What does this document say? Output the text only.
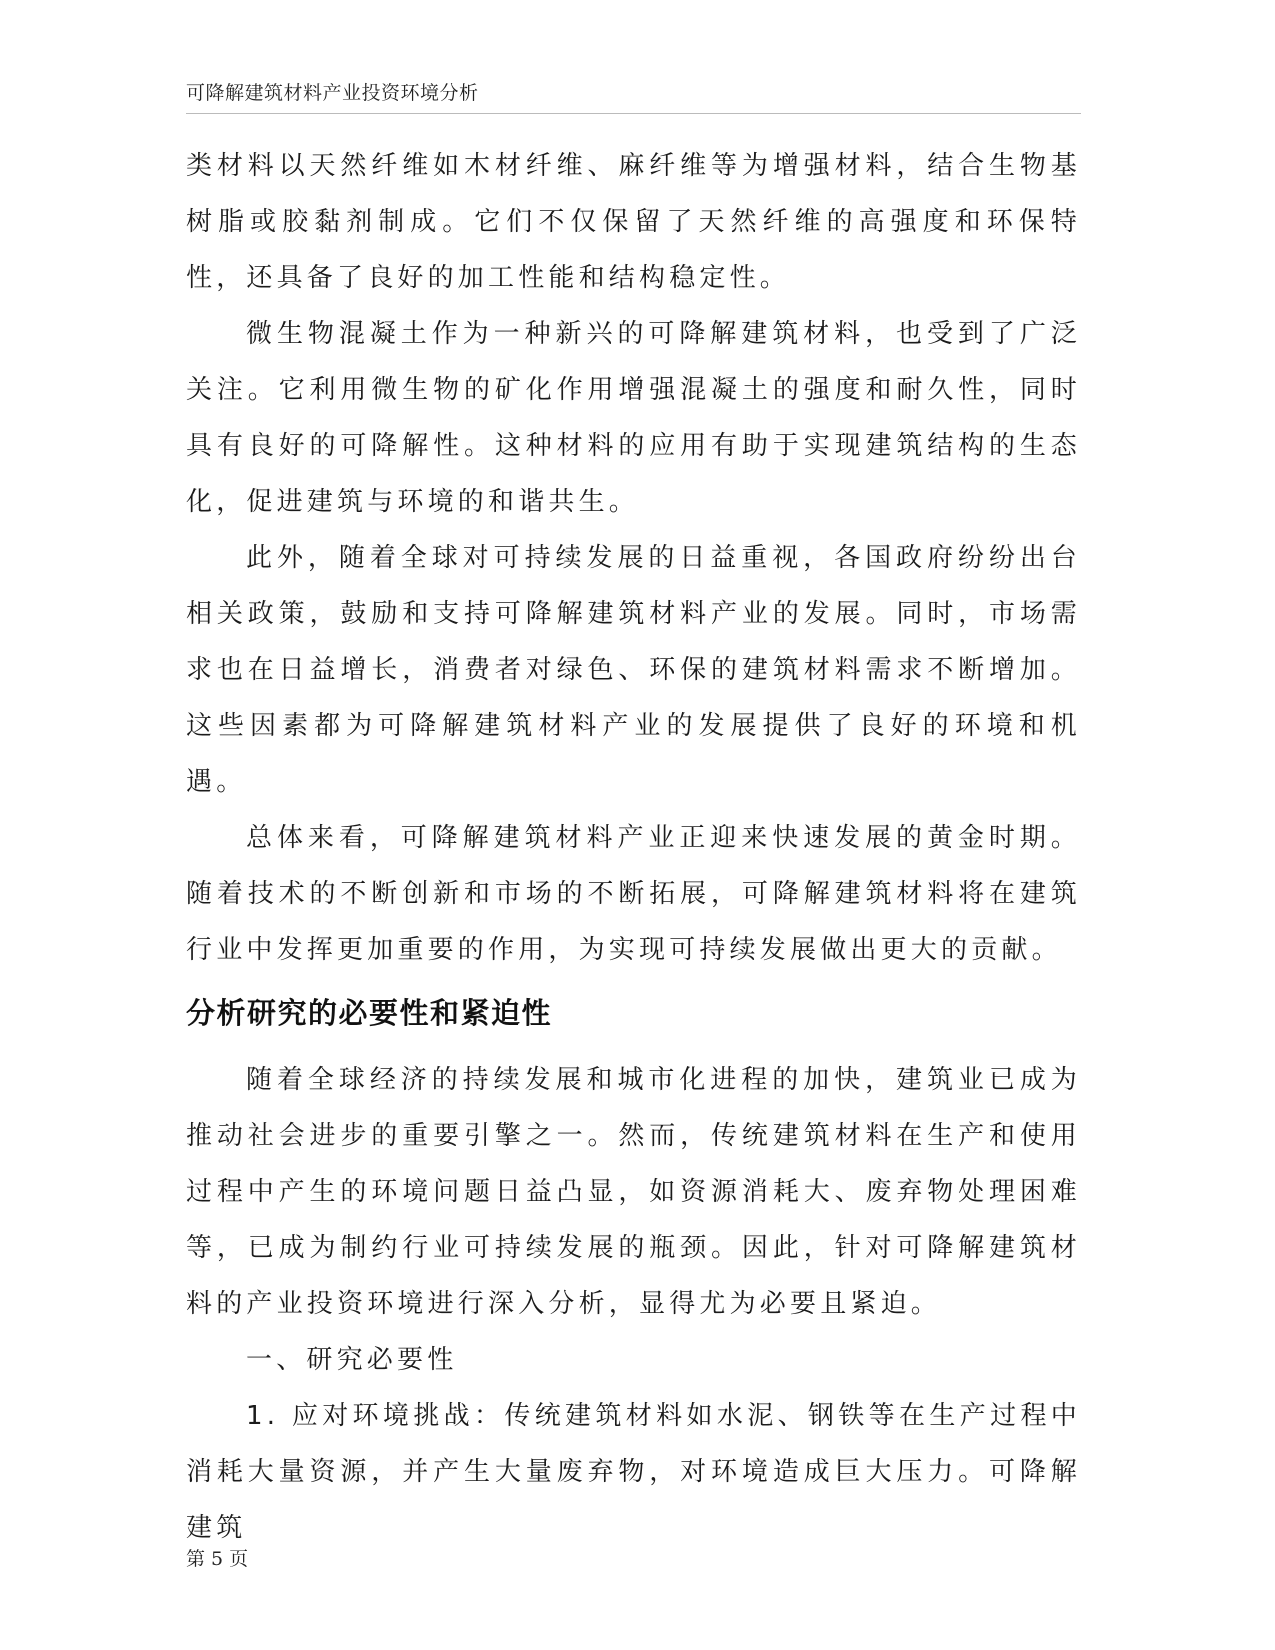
可降解建筑材料产业投资环境分析

类材料以天然纤维如木材纤维、麻纤维等为增强材料，结合生物基树脂或胶黏剂制成。它们不仅保留了天然纤维的高强度和环保特性，还具备了良好的加工性能和结构稳定性。

微生物混凝土作为一种新兴的可降解建筑材料，也受到了广泛关注。它利用微生物的矿化作用增强混凝土的强度和耐久性，同时具有良好的可降解性。这种材料的应用有助于实现建筑结构的生态化，促进建筑与环境的和谐共生。

此外，随着全球对可持续发展的日益重视，各国政府纷纷出台相关政策，鼓励和支持可降解建筑材料产业的发展。同时，市场需求也在日益增长，消费者对绿色、环保的建筑材料需求不断增加。这些因素都为可降解建筑材料产业的发展提供了良好的环境和机遇。

总体来看，可降解建筑材料产业正迎来快速发展的黄金时期。随着技术的不断创新和市场的不断拓展，可降解建筑材料将在建筑行业中发挥更加重要的作用，为实现可持续发展做出更大的贡献。

分析研究的必要性和紧迫性

随着全球经济的持续发展和城市化进程的加快，建筑业已成为推动社会进步的重要引擎之一。然而，传统建筑材料在生产和使用过程中产生的环境问题日益凸显，如资源消耗大、废弃物处理困难等，已成为制约行业可持续发展的瓶颈。因此，针对可降解建筑材料的产业投资环境进行深入分析，显得尤为必要且紧迫。

一、研究必要性

1. 应对环境挑战：传统建筑材料如水泥、钢铁等在生产过程中消耗大量资源，并产生大量废弃物，对环境造成巨大压力。可降解建筑

第 5 页
